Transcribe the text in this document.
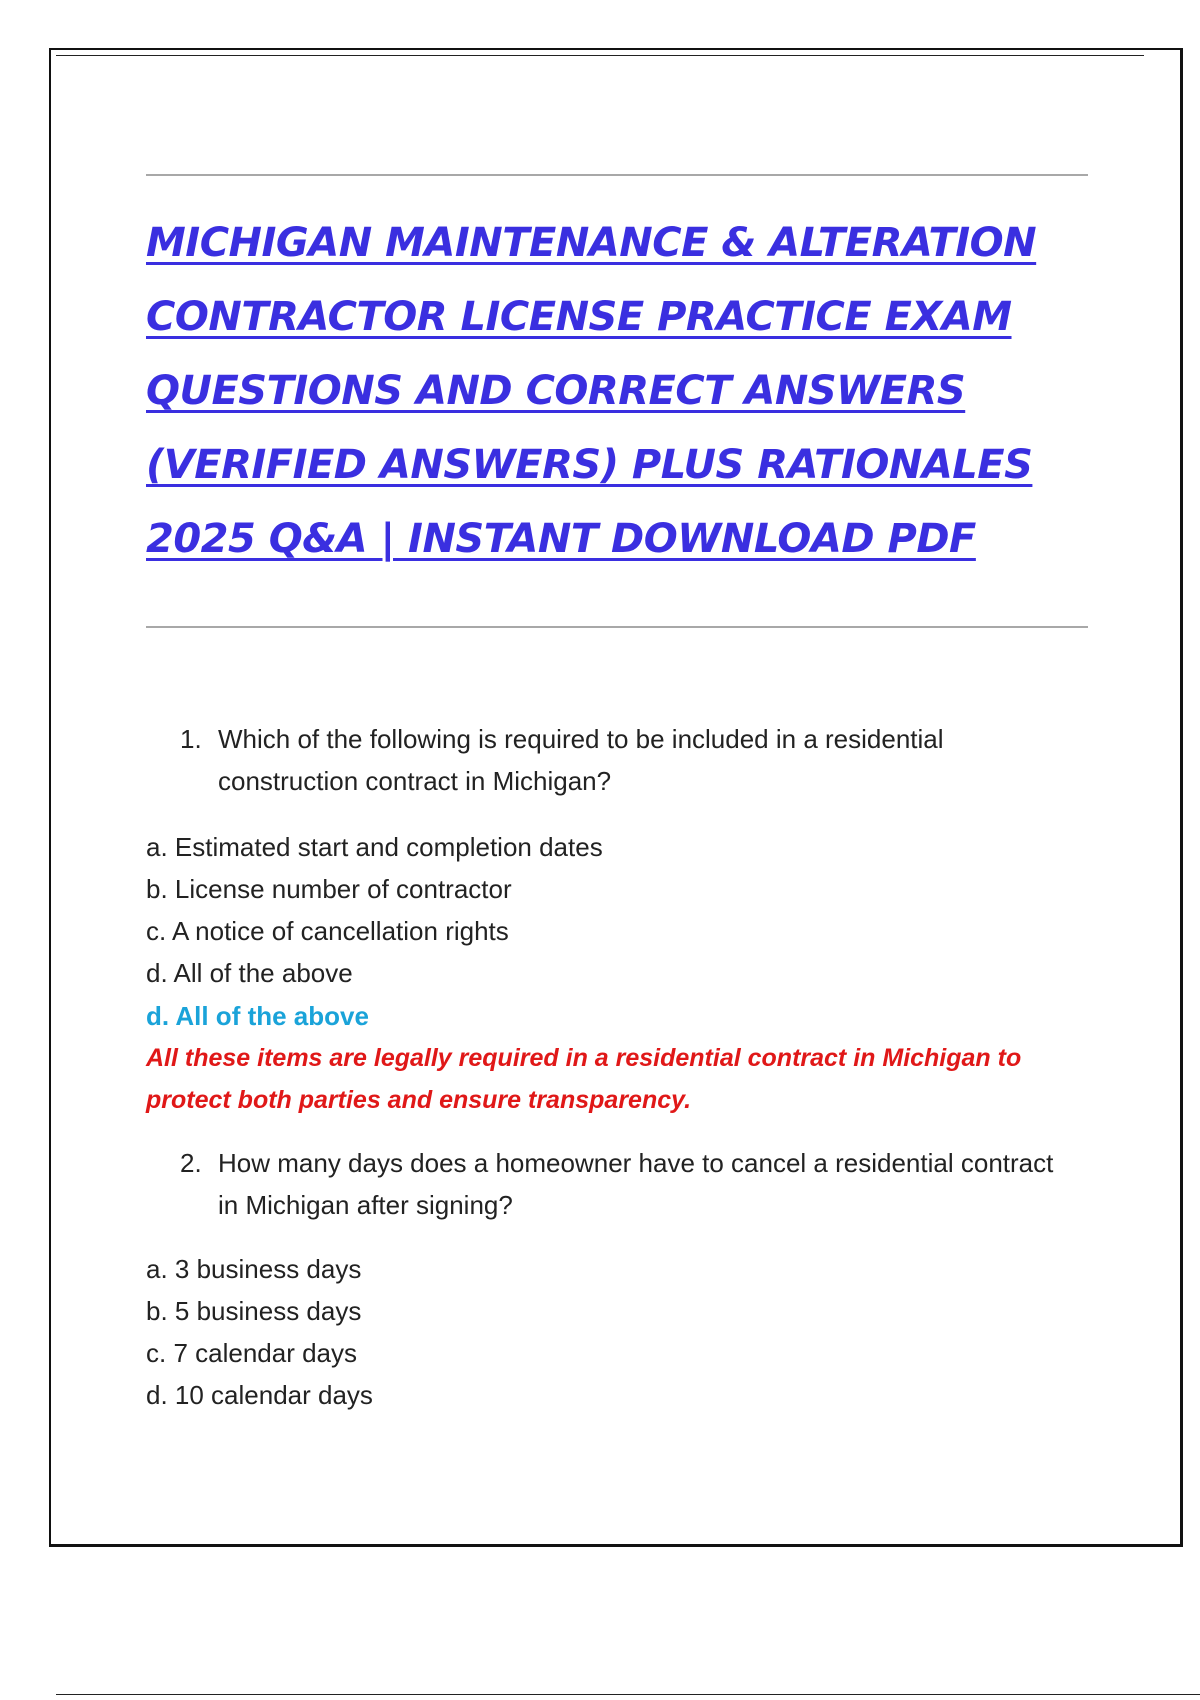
MICHIGAN MAINTENANCE & ALTERATION
CONTRACTOR LICENSE PRACTICE EXAM
QUESTIONS AND CORRECT ANSWERS
(VERIFIED ANSWERS) PLUS RATIONALES
2025 Q&A | INSTANT DOWNLOAD PDF
1. Which of the following is required to be included in a residential construction contract in Michigan?
a. Estimated start and completion dates
b. License number of contractor
c. A notice of cancellation rights
d. All of the above
d. All of the above
All these items are legally required in a residential contract in Michigan to protect both parties and ensure transparency.
2. How many days does a homeowner have to cancel a residential contract in Michigan after signing?
a. 3 business days
b. 5 business days
c. 7 calendar days
d. 10 calendar days
